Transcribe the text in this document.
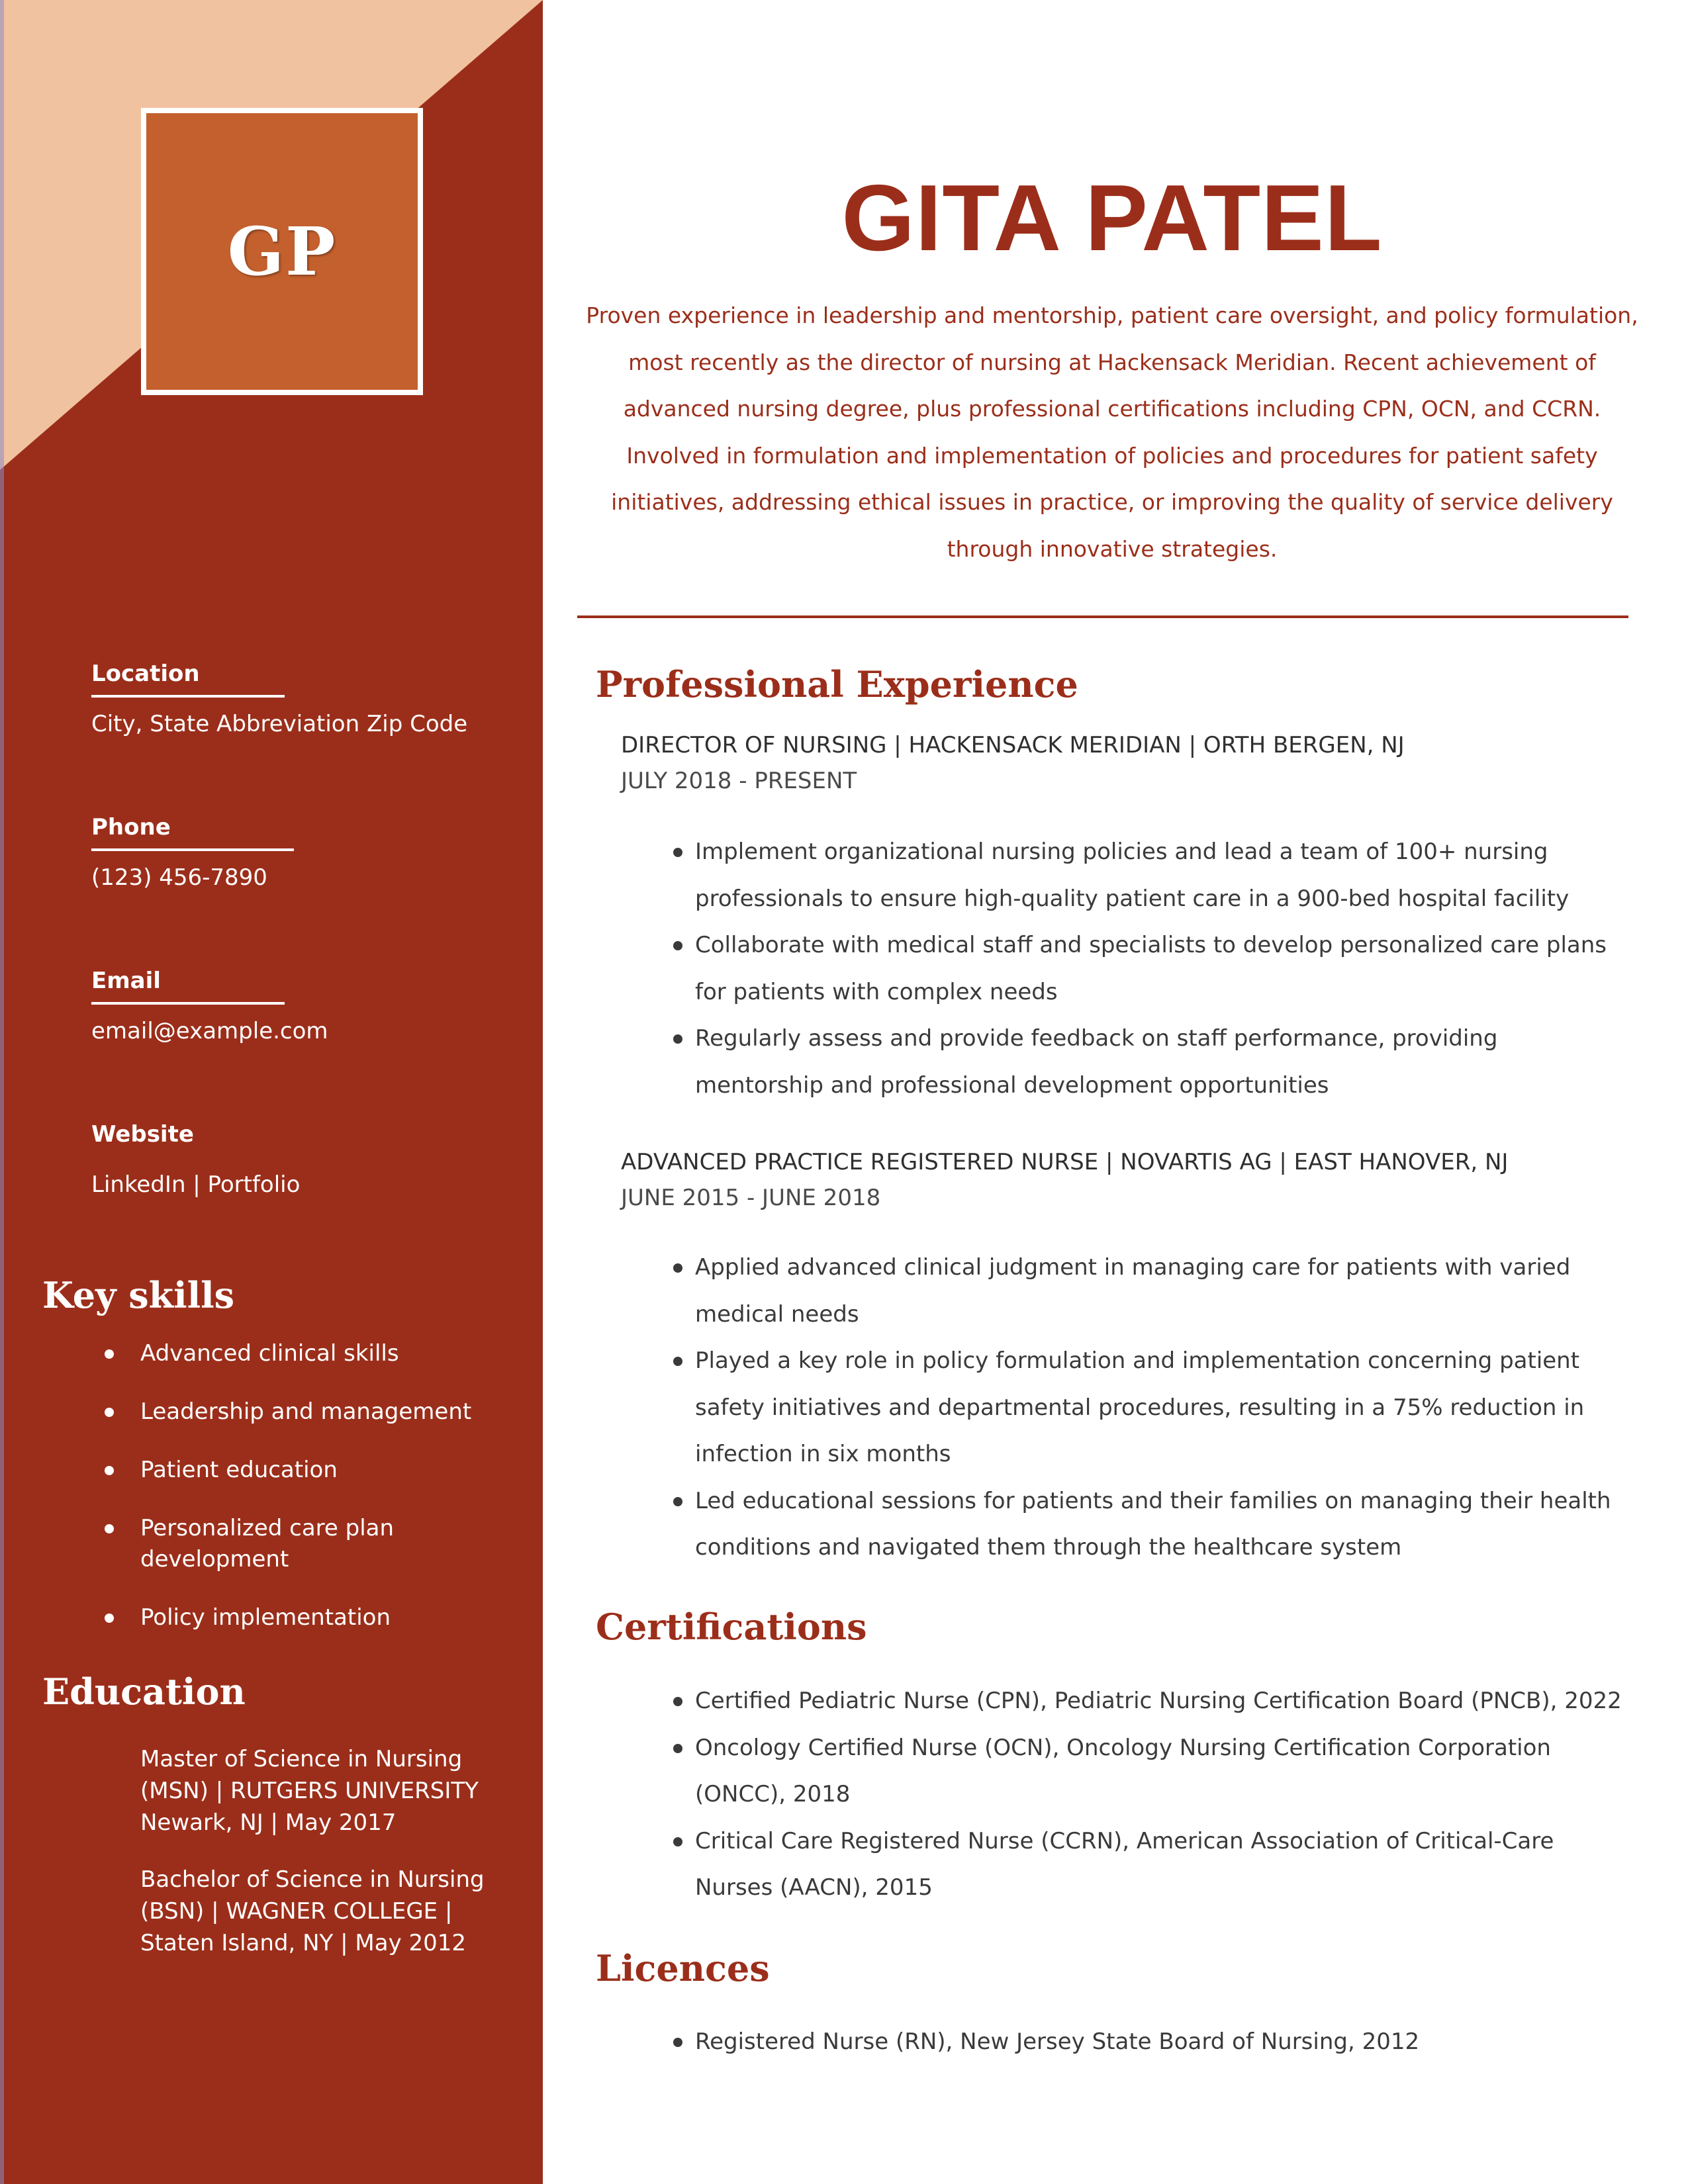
GP
Location
City, State Abbreviation Zip Code
Phone
(123) 456-7890
Email
email@example.com
Website
LinkedIn | Portfolio
Key skills
Advanced clinical skills
Leadership and management
Patient education
Personalized care plan development
Policy implementation
Education
Master of Science in Nursing (MSN) | RUTGERS UNIVERSITY Newark, NJ | May 2017
Bachelor of Science in Nursing (BSN) | WAGNER COLLEGE | Staten Island, NY | May 2012
GITA PATEL
Proven experience in leadership and mentorship, patient care oversight, and policy formulation, most recently as the director of nursing at Hackensack Meridian. Recent achievement of advanced nursing degree, plus professional certifications including CPN, OCN, and CCRN. Involved in formulation and implementation of policies and procedures for patient safety initiatives, addressing ethical issues in practice, or improving the quality of service delivery through innovative strategies.
Professional Experience
DIRECTOR OF NURSING | HACKENSACK MERIDIAN | ORTH BERGEN, NJ
JULY 2018 - PRESENT
Implement organizational nursing policies and lead a team of 100+ nursing professionals to ensure high-quality patient care in a 900-bed hospital facility
Collaborate with medical staff and specialists to develop personalized care plans for patients with complex needs
Regularly assess and provide feedback on staff performance, providing mentorship and professional development opportunities
ADVANCED PRACTICE REGISTERED NURSE | NOVARTIS AG | EAST HANOVER, NJ
JUNE 2015 - JUNE 2018
Applied advanced clinical judgment in managing care for patients with varied medical needs
Played a key role in policy formulation and implementation concerning patient safety initiatives and departmental procedures, resulting in a 75% reduction in infection in six months
Led educational sessions for patients and their families on managing their health conditions and navigated them through the healthcare system
Certifications
Certified Pediatric Nurse (CPN), Pediatric Nursing Certification Board (PNCB), 2022
Oncology Certified Nurse (OCN), Oncology Nursing Certification Corporation (ONCC), 2018
Critical Care Registered Nurse (CCRN), American Association of Critical-Care Nurses (AACN), 2015
Licences
Registered Nurse (RN), New Jersey State Board of Nursing, 2012
